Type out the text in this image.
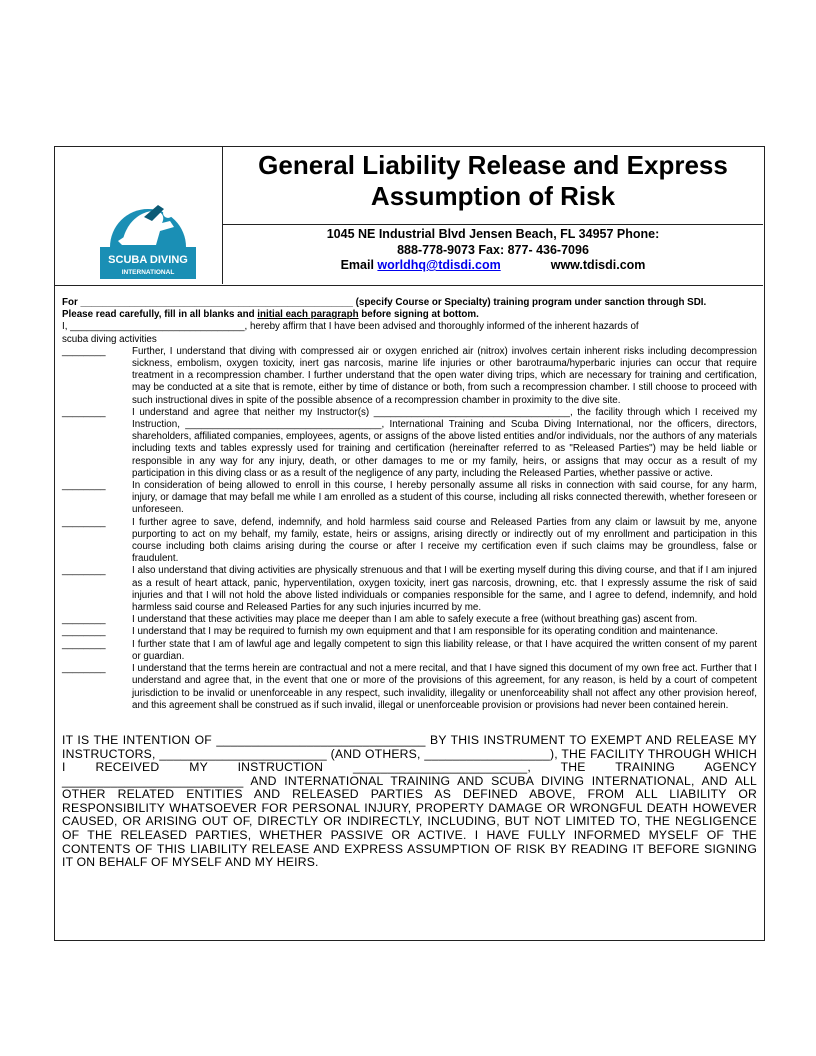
SCUBA DIVING
INTERNATIONAL
General Liability Release and Express
Assumption of Risk
1045 NE Industrial Blvd Jensen Beach, FL 34957 Phone:
888-778-9073 Fax: 877- 436-7096
Email worldhq@tdisdi.com	www.tdisdi.com
For __________________________________________________ (specify Course or Specialty) training program under sanction through SDI.
Please read carefully, fill in all blanks and initial each paragraph before signing at bottom.
I, ________________________________, hereby affirm that I have been advised and thoroughly informed of the inherent hazards of
scuba diving activities
________	Further, I understand that diving with compressed air or oxygen enriched air (nitrox) involves certain inherent risks including decompression sickness, embolism, oxygen toxicity, inert gas narcosis, marine life injuries or other barotrauma/hyperbaric injuries can occur that require treatment in a recompression chamber. I further understand that the open water diving trips, which are necessary for training and certification, may be conducted at a site that is remote, either by time of distance or both, from such a recompression chamber. I still choose to proceed with such instructional dives in spite of the possible absence of a recompression chamber in proximity to the dive site.
________	I understand and agree that neither my Instructor(s) ____________________________________, the facility through which I received my Instruction, ____________________________________, International Training and Scuba Diving International, nor the officers, directors, shareholders, affiliated companies, employees, agents, or assigns of the above listed entities and/or individuals, nor the authors of any materials including texts and tables expressly used for training and certification (hereinafter referred to as "Released Parties") may be held liable or responsible in any way for any injury, death, or other damages to me or my family, heirs, or assigns that may occur as a result of my participation in this diving class or as a result of the negligence of any party, including the Released Parties, whether passive or active.
________	In consideration of being allowed to enroll in this course, I hereby personally assume all risks in connection with said course, for any harm, injury, or damage that may befall me while I am enrolled as a student of this course, including all risks connected therewith, whether foreseen or unforeseen.
________	I further agree to save, defend, indemnify, and hold harmless said course and Released Parties from any claim or lawsuit by me, anyone purporting to act on my behalf, my family, estate, heirs or assigns, arising directly or indirectly out of my enrollment and participation in this course including both claims arising during the course or after I receive my certification even if such claims may be groundless, false or fraudulent.
________	I also understand that diving activities are physically strenuous and that I will be exerting myself during this diving course, and that if I am injured as a result of heart attack, panic, hyperventilation, oxygen toxicity, inert gas narcosis, drowning, etc. that I expressly assume the risk of said injuries and that I will not hold the above listed individuals or companies responsible for the same, and I agree to defend, indemnify, and hold harmless said course and Released Parties for any such injuries incurred by me.
________	I understand that these activities may place me deeper than I am able to safely execute a free (without breathing gas) ascent from.
________	I understand that I may be required to furnish my own equipment and that I am responsible for its operating condition and maintenance.
________	I further state that I am of lawful age and legally competent to sign this liability release, or that I have acquired the written consent of my parent or guardian.
________	I understand that the terms herein are contractual and not a mere recital, and that I have signed this document of my own free act. Further that I understand and agree that, in the event that one or more of the provisions of this agreement, for any reason, is held by a court of competent jurisdiction to be invalid or unenforceable in any respect, such invalidity, illegality or unenforceability shall not affect any other provision hereof, and this agreement shall be construed as if such invalid, illegal or unenforceable provision or provisions had never been contained herein.
IT IS THE INTENTION OF ______________________________ BY THIS INSTRUMENT TO EXEMPT AND RELEASE MY INSTRUCTORS, ________________________ (AND OTHERS, __________________), THE FACILITY THROUGH WHICH I RECEIVED MY INSTRUCTION _________________________, THE TRAINING AGENCY __________________________ AND INTERNATIONAL TRAINING AND SCUBA DIVING INTERNATIONAL, AND ALL OTHER RELATED ENTITIES AND RELEASED PARTIES AS DEFINED ABOVE, FROM ALL LIABILITY OR RESPONSIBILITY WHATSOEVER FOR PERSONAL INJURY, PROPERTY DAMAGE OR WRONGFUL DEATH HOWEVER CAUSED, OR ARISING OUT OF, DIRECTLY OR INDIRECTLY, INCLUDING, BUT NOT LIMITED TO, THE NEGLIGENCE OF THE RELEASED PARTIES, WHETHER PASSIVE OR ACTIVE. I HAVE FULLY INFORMED MYSELF OF THE CONTENTS OF THIS LIABILITY RELEASE AND EXPRESS ASSUMPTION OF RISK BY READING IT BEFORE SIGNING IT ON BEHALF OF MYSELF AND MY HEIRS.
